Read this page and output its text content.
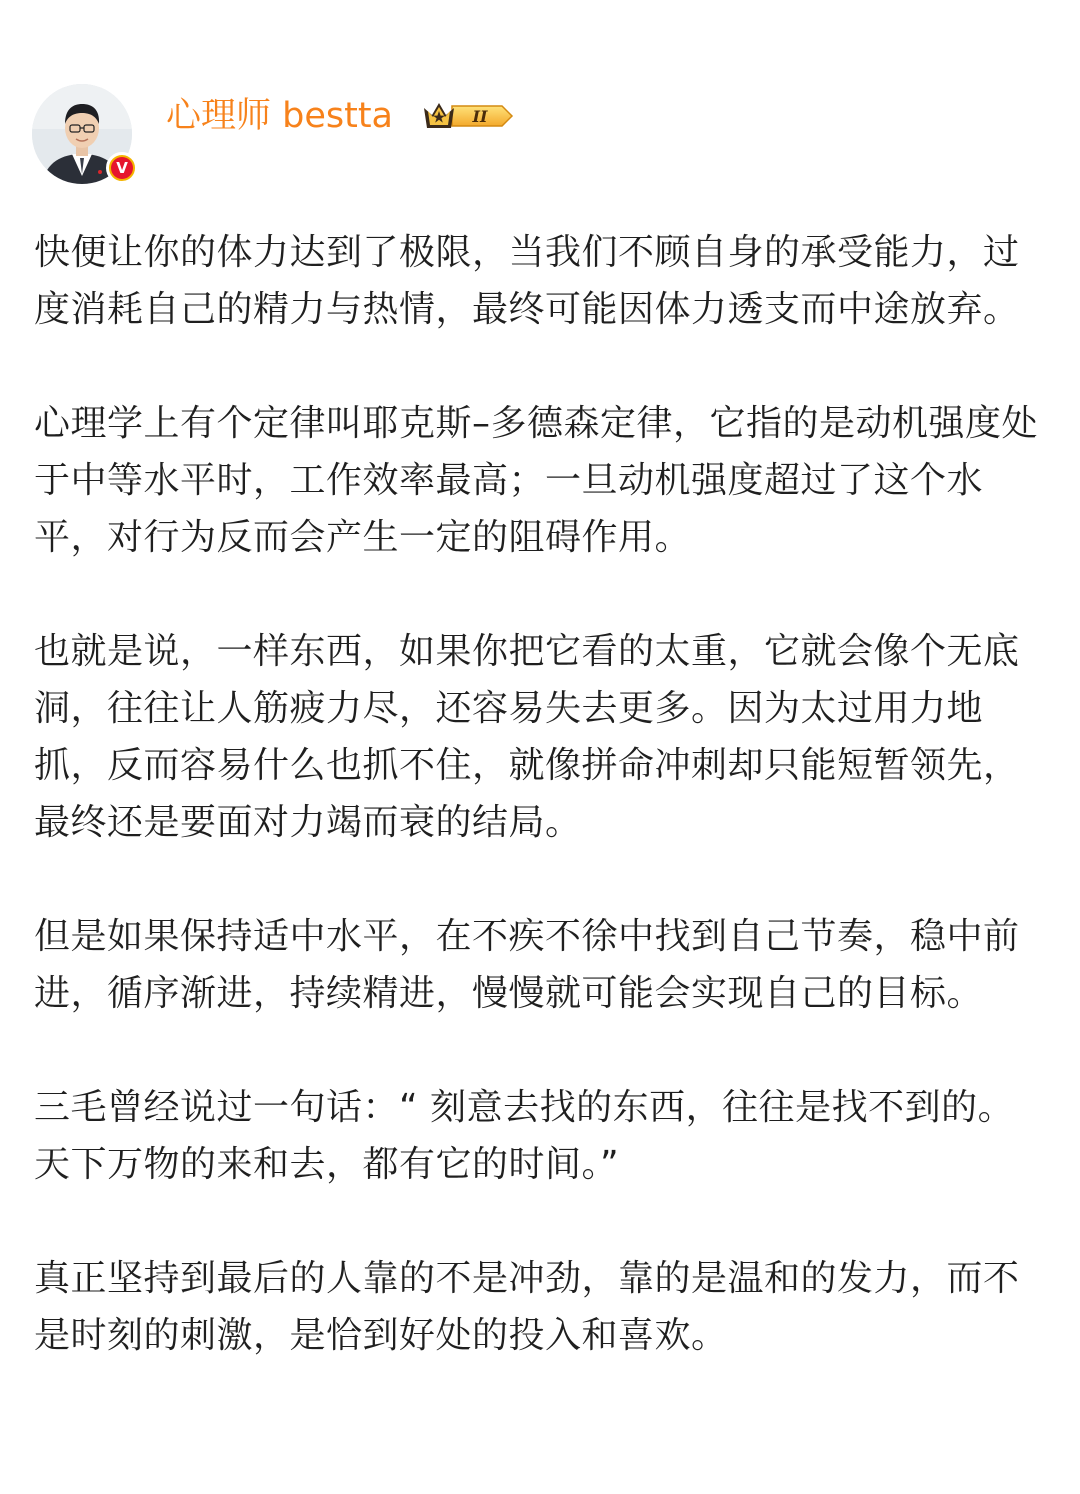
V
心理师 bestta	II

快便让你的体力达到了极限，当我们不顾自身的承受能力，过度消耗自己的精力与热情，最终可能因体力透支而中途放弃。

心理学上有个定律叫耶克斯–多德森定律，它指的是动机强度处于中等水平时，工作效率最高；一旦动机强度超过了这个水平，对行为反而会产生一定的阻碍作用。

也就是说，一样东西，如果你把它看的太重，它就会像个无底洞，往往让人筋疲力尽，还容易失去更多。因为太过用力地抓，反而容易什么也抓不住，就像拼命冲刺却只能短暂领先，最终还是要面对力竭而衰的结局。

但是如果保持适中水平，在不疾不徐中找到自己节奏，稳中前进，循序渐进，持续精进，慢慢就可能会实现自己的目标。

三毛曾经说过一句话：“ 刻意去找的东西，往往是找不到的。天下万物的来和去，都有它的时间。”

真正坚持到最后的人靠的不是冲劲，靠的是温和的发力，而不是时刻的刺激，是恰到好处的投入和喜欢。
